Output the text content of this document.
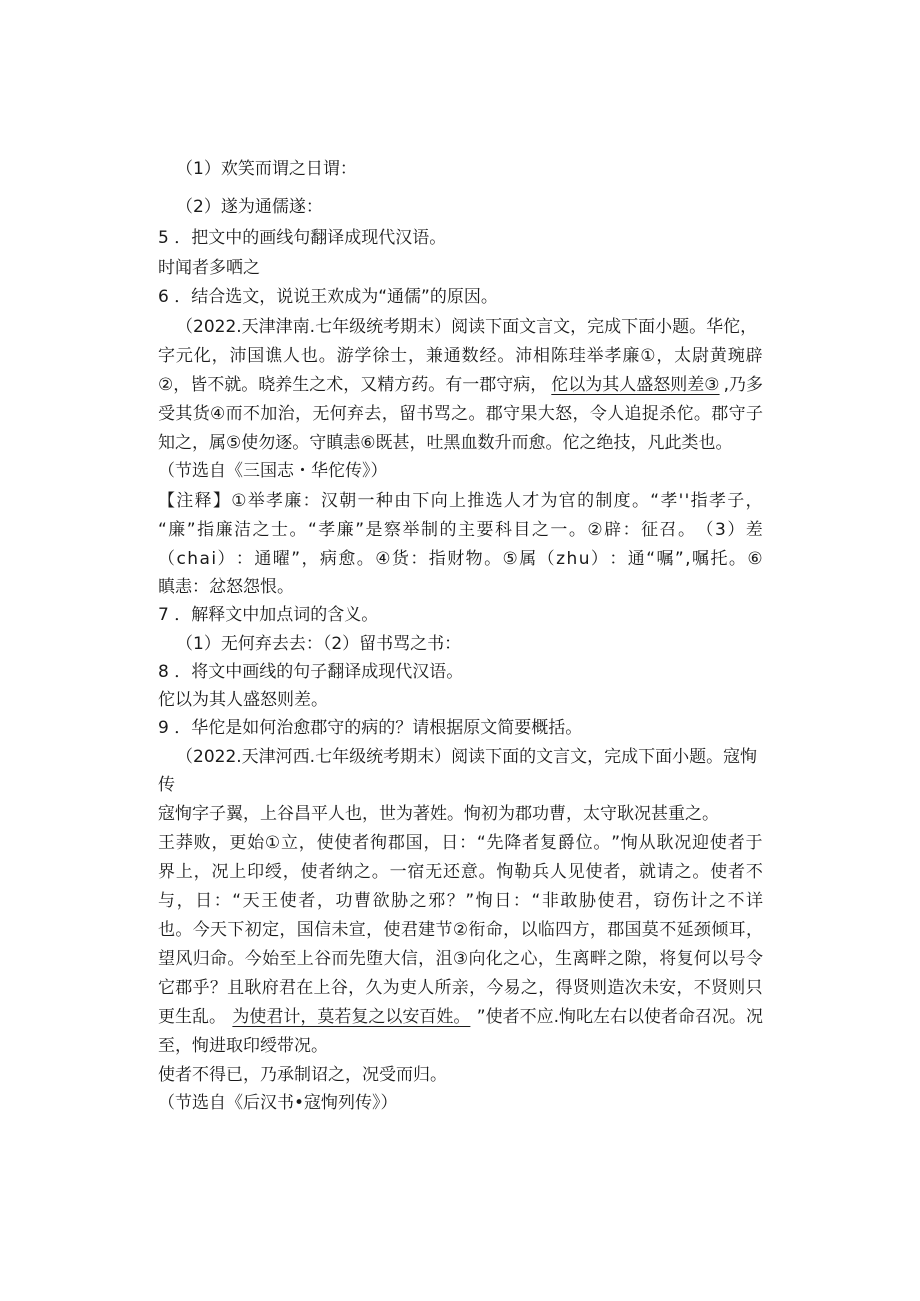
（1）欢笑而谓之日谓：
（2）遂为通儒遂：
5 ．把文中的画线句翻译成现代汉语。
时闻者多哂之
6 ．结合选文，说说王欢成为“通儒”的原因。
（2022.天津津南.七年级统考期末）阅读下面文言文，完成下面小题。华佗，
字 元 化 ， 沛 国 谯 人 也 。 游 学 徐 士 ， 兼 通 数 经 。 沛 相 陈 珪 举 孝 廉 ① ， 太 尉 黄 琬 辟
②，皆不就。晓养生之术，又精方药。有一郡守病， 佗以为其人盛怒则差③ ,乃多
受 其 货 ④ 而 不 加 治 ， 无 何 弃 去 ， 留 书 骂 之 。 郡 守 果 大 怒 ， 令 人 追 捉 杀 佗 。 郡 守 子
知之，属⑤使勿逐。守瞋恚⑥既甚，吐黑血数升而愈。佗之绝技，凡此类也。
（节选自《三国志・华佗传》）
【 注 释 】 ① 举 孝 廉 ： 汉 朝 一 种 由 下 向 上 推 选 人 才 为 官 的 制 度 。 “ 孝 ' ' 指 孝 子 ，
“ 廉 ” 指 廉 洁 之 士 。 “ 孝 廉 ” 是 察 举 制 的 主 要 科 目 之 一 。 ② 辟 ： 征 召 。 （ 3 ） 差
（ c h a i ） ： 通 曜 ” ， 病 愈 。 ④ 货 ： 指 财 物 。 ⑤ 属 （ z h u ） ： 通 “ 嘱 ” , 嘱 托 。 ⑥
瞋恚：忿怒怨恨。
7 ．解释文中加点词的含义。
（1）无何弃去去：（2）留书骂之书：
8 ．将文中画线的句子翻译成现代汉语。
佗以为其人盛怒则差。
9 ．华佗是如何治愈郡守的病的？请根据原文简要概括。
（2022.天津河西.七年级统考期末）阅读下面的文言文，完成下面小题。寇恂
传
寇恂字子翼，上谷昌平人也，世为著姓。恂初为郡功曹，太守耿况甚重之。
王 莽 败 ， 更 始 ① 立 ， 使 使 者 徇 郡 国 ， 日 ： “ 先 降 者 复 爵 位 。 ” 恂 从 耿 况 迎 使 者 于
界 上 ， 况 上 印 绶 ， 使 者 纳 之 。 一 宿 无 还 意 。 恂 勒 兵 人 见 使 者 ， 就 请 之 。 使 者 不
与 ， 日 ： “ 天 王 使 者 ， 功 曹 欲 胁 之 邪 ？ ” 恂 日 ： “ 非 敢 胁 使 君 ， 窃 伤 计 之 不 详
也 。 今 天 下 初 定 ， 国 信 未 宣 ， 使 君 建 节 ② 衔 命 ， 以 临 四 方 ， 郡 国 莫 不 延 颈 倾 耳 ，
望 风 归 命 。 今 始 至 上 谷 而 先 堕 大 信 ， 沮 ③ 向 化 之 心 ， 生 离 畔 之 隙 ， 将 复 何 以 号 令
它 郡 乎 ？ 且 耿 府 君 在 上 谷 ， 久 为 吏 人 所 亲 ， 今 易 之 ， 得 贤 则 造 次 未 安 ， 不 贤 则 只
更生乱。 为使君计，莫若复之以安百姓。 ”使者不应.恂叱左右以使者命召况。况
至，恂进取印绶带况。
使者不得已，乃承制诏之，况受而归。
（节选自《后汉书•寇恂列传》）
